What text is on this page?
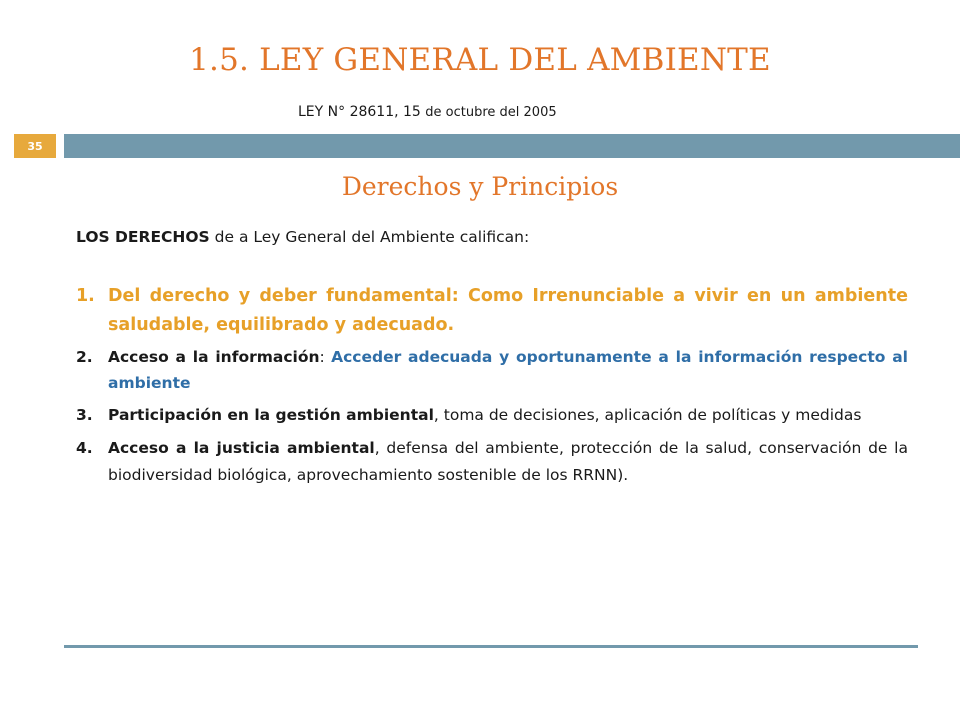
1.5. LEY GENERAL DEL AMBIENTE
LEY N° 28611, 15 de octubre del 2005
35
Derechos y Principios

LOS DERECHOS de a Ley General del Ambiente califican:

1. Del derecho y deber fundamental: Como Irrenunciable a vivir en un ambiente saludable, equilibrado y adecuado.
2. Acceso a la información: Acceder adecuada y oportunamente a la información respecto al ambiente
3. Participación en la gestión ambiental, toma de decisiones, aplicación de políticas y medidas
4. Acceso a la justicia ambiental, defensa del ambiente, protección de la salud, conservación de la biodiversidad biológica, aprovechamiento sostenible de los RRNN).
